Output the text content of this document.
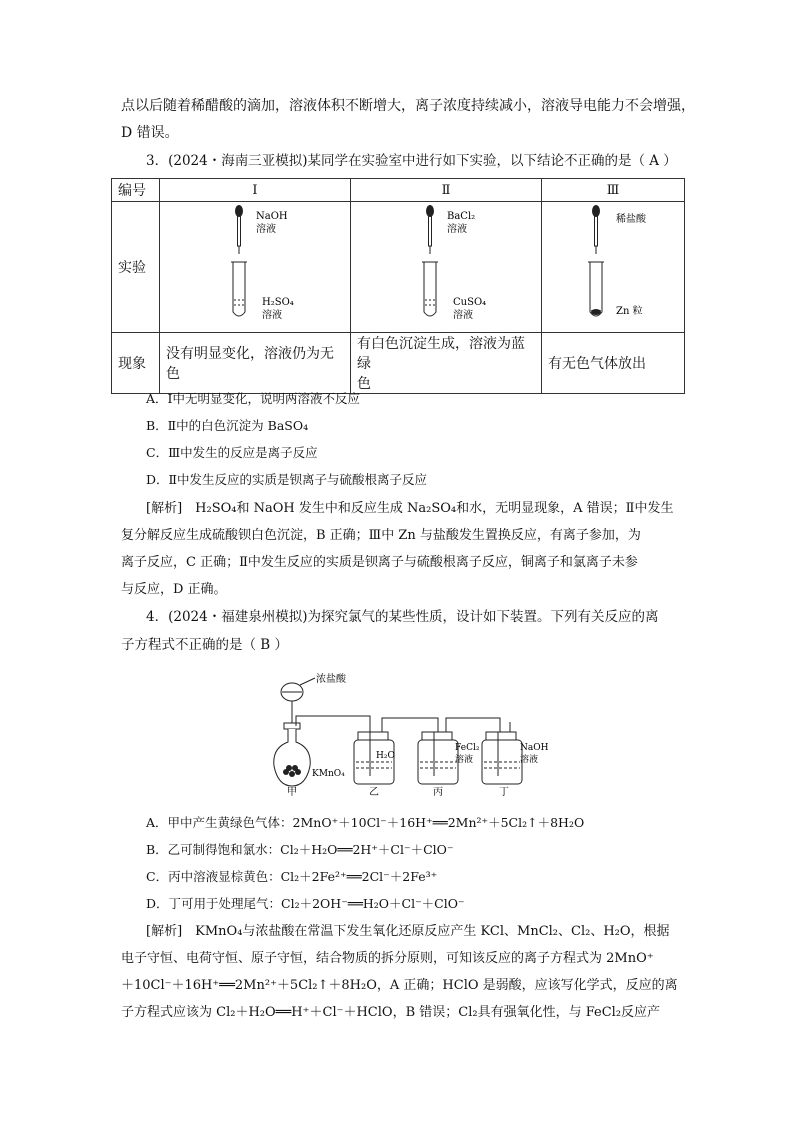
点以后随着稀醋酸的滴加，溶液体积不断增大，离子浓度持续减小，溶液导电能力不会增强，
D 错误。
3．(2024・海南三亚模拟)某同学在实验室中进行如下实验，以下结论不正确的是（ A ）
编号	Ⅰ	Ⅱ	Ⅲ
实验	NaOH
溶液
H₂SO₄
溶液	BaCl₂
溶液
CuSO₄
溶液	稀盐酸
Zn 粒

现象	没有明显变化，溶液仍为无色	有白色沉淀生成，溶液为蓝绿
色	有无色气体放出
A．Ⅰ中无明显变化，说明两溶液不反应
B．Ⅱ中的白色沉淀为 BaSO₄
C．Ⅲ中发生的反应是离子反应
D．Ⅱ中发生反应的实质是钡离子与硫酸根离子反应
[解析]　H₂SO₄和 NaOH 发生中和反应生成 Na₂SO₄和水，无明显现象，A 错误；Ⅱ中发生
复分解反应生成硫酸钡白色沉淀，B 正确；Ⅲ中 Zn 与盐酸发生置换反应，有离子参加，为
离子反应，C 正确；Ⅱ中发生反应的实质是钡离子与硫酸根离子反应，铜离子和氯离子未参
与反应，D 正确。
4．(2024・福建泉州模拟)为探究氯气的某些性质，设计如下装置。下列有关反应的离
子方程式不正确的是（ B ）
浓盐酸
KMnO₄
甲
H₂O
乙
FeCl₂
溶液
丙
NaOH
溶液
丁
A．甲中产生黄绿色气体：2MnO⁺＋10Cl⁻＋16H⁺══2Mn²⁺＋5Cl₂↑＋8H₂O
B．乙可制得饱和氯水：Cl₂＋H₂O══2H⁺＋Cl⁻＋ClO⁻
C．丙中溶液显棕黄色：Cl₂＋2Fe²⁺══2Cl⁻＋2Fe³⁺
D．丁可用于处理尾气：Cl₂＋2OH⁻══H₂O＋Cl⁻＋ClO⁻
[解析]　KMnO₄与浓盐酸在常温下发生氧化还原反应产生 KCl、MnCl₂、Cl₂、H₂O，根据
电子守恒、电荷守恒、原子守恒，结合物质的拆分原则，可知该反应的离子方程式为 2MnO⁺
＋10Cl⁻＋16H⁺══2Mn²⁺＋5Cl₂↑＋8H₂O，A 正确；HClO 是弱酸，应该写化学式，反应的离
子方程式应该为 Cl₂＋H₂O══H⁺＋Cl⁻＋HClO，B 错误；Cl₂具有强氧化性，与 FeCl₂反应产
